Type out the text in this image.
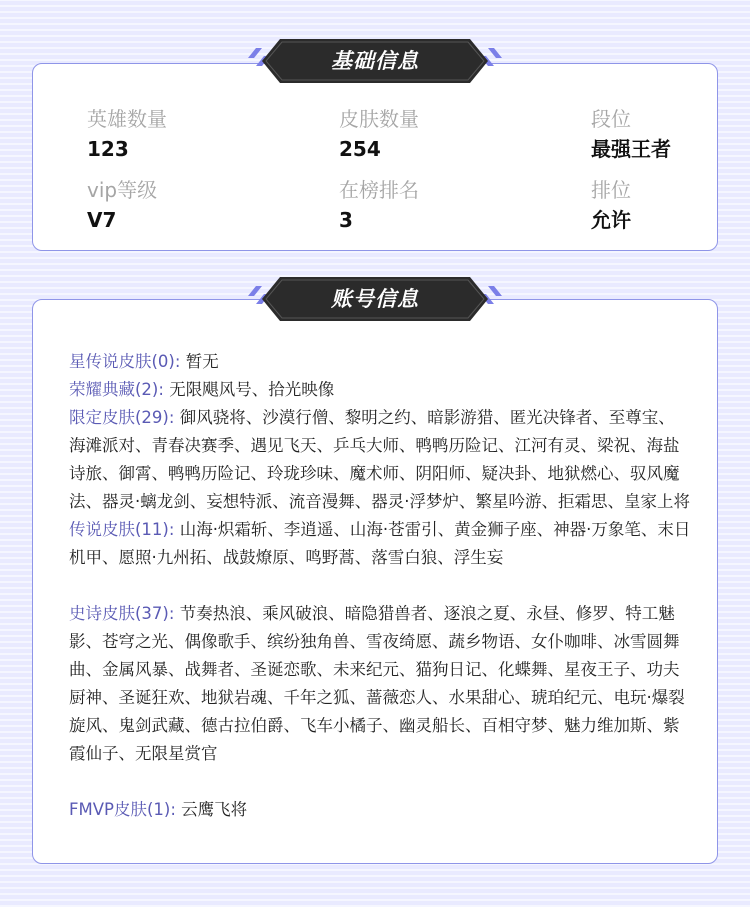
英雄数量
123
皮肤数量
254
段位
最强王者
vip等级
V7
在榜排名
3
排位
允许
基础信息
星传说皮肤(0): 暂无
荣耀典藏(2): 无限飓风号、拾光映像
限定皮肤(29): 御风骁将、沙漠行僧、黎明之约、暗影游猎、匿光决锋者、至尊宝、海滩派对、青春决赛季、遇见飞天、乒乓大师、鸭鸭历险记、江河有灵、梁祝、海盐诗旅、御霄、鸭鸭历险记、玲珑珍味、魔术师、阴阳师、疑决卦、地狱燃心、驭风魔法、器灵·螭龙剑、妄想特派、流音漫舞、器灵·浮梦炉、繁星吟游、拒霜思、皇家上将
传说皮肤(11): 山海·炽霜斩、李逍遥、山海·苍雷引、黄金狮子座、神器·万象笔、末日机甲、愿照·九州拓、战鼓燎原、鸣野蒿、落雪白狼、浮生妄
史诗皮肤(37): 节奏热浪、乘风破浪、暗隐猎兽者、逐浪之夏、永昼、修罗、特工魅影、苍穹之光、偶像歌手、缤纷独角兽、雪夜绮愿、蔬乡物语、女仆咖啡、冰雪圆舞曲、金属风暴、战舞者、圣诞恋歌、未来纪元、猫狗日记、化蝶舞、星夜王子、功夫厨神、圣诞狂欢、地狱岩魂、千年之狐、蔷薇恋人、水果甜心、琥珀纪元、电玩·爆裂旋风、鬼剑武藏、德古拉伯爵、飞车小橘子、幽灵船长、百相守梦、魅力维加斯、紫霞仙子、无限星赏官
FMVP皮肤(1): 云鹰飞将
账号信息
